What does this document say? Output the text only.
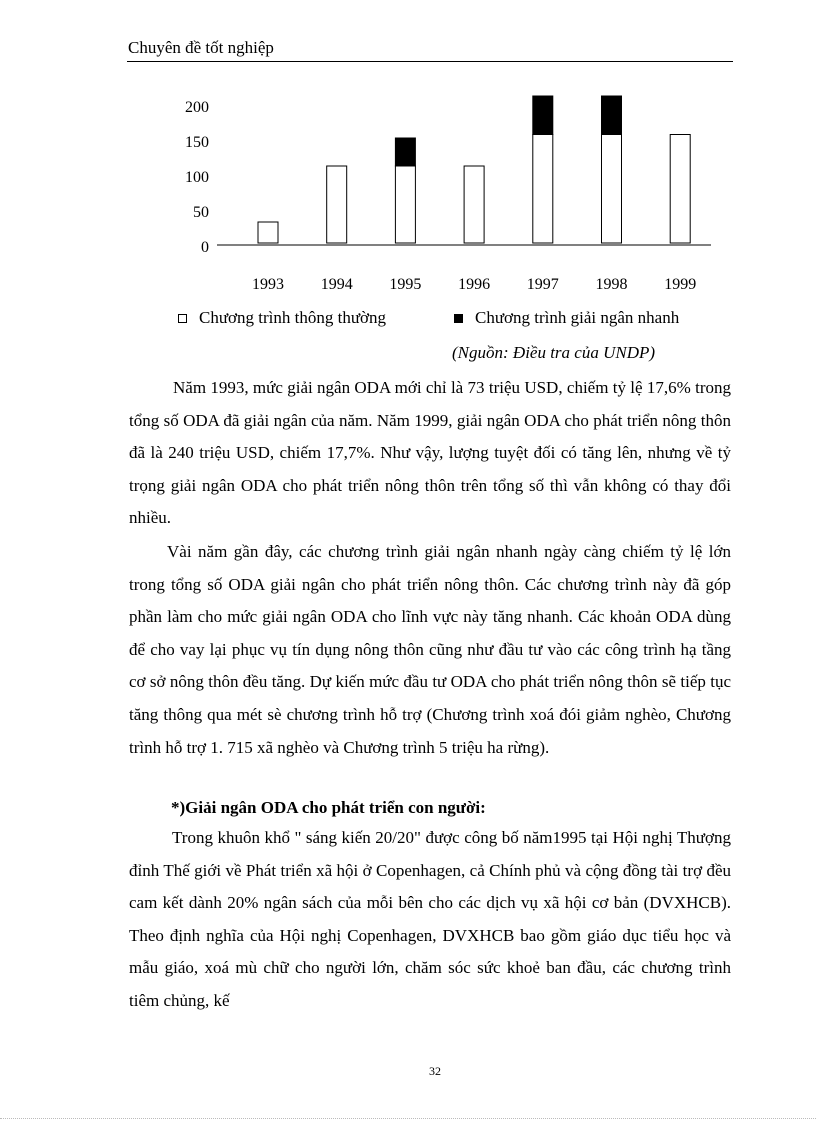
Chuyên đề tốt nghiệp
200
150
100
50
0
1993 1994 1995 1996 1997 1998 1999
Chương trình thông thường	Chương trình giải ngân nhanh
(Nguồn: Điều tra của UNDP)

Năm 1993, mức giải ngân ODA mới chỉ là 73 triệu USD, chiếm tỷ lệ 17,6% trong tổng số ODA đã giải ngân của năm. Năm 1999, giải ngân ODA cho phát triển nông thôn đã là 240 triệu USD, chiếm 17,7%. Như vậy, lượng tuyệt đối có tăng lên, nhưng về tỷ trọng giải ngân ODA cho phát triển nông thôn trên tổng số thì vẫn không có thay đổi nhiều.

Vài năm gần đây, các chương trình giải ngân nhanh ngày càng chiếm tỷ lệ lớn trong tổng số ODA giải ngân cho phát triển nông thôn. Các chương trình này đã góp phần làm cho mức giải ngân ODA cho lĩnh vực này tăng nhanh. Các khoản ODA dùng để cho vay lại phục vụ tín dụng nông thôn cũng như đầu tư vào các công trình hạ tầng cơ sở nông thôn đều tăng. Dự kiến mức đầu tư ODA cho phát triển nông thôn sẽ tiếp tục tăng thông qua mét sè chương trình hỗ trợ (Chương trình xoá đói giảm nghèo, Chương trình hỗ trợ 1. 715 xã nghèo và Chương trình 5 triệu ha rừng).

*)Giải ngân ODA cho phát triển con người:

Trong khuôn khổ " sáng kiến 20/20" được công bố năm1995 tại Hội nghị Thượng đỉnh Thế giới về Phát triển xã hội ở Copenhagen, cả Chính phủ và cộng đồng tài trợ đều cam kết dành 20% ngân sách của mỗi bên cho các dịch vụ xã hội cơ bản (DVXHCB). Theo định nghĩa của Hội nghị Copenhagen, DVXHCB bao gồm giáo dục tiểu học và mẫu giáo, xoá mù chữ cho người lớn, chăm sóc sức khoẻ ban đầu, các chương trình tiêm chủng, kế

32
